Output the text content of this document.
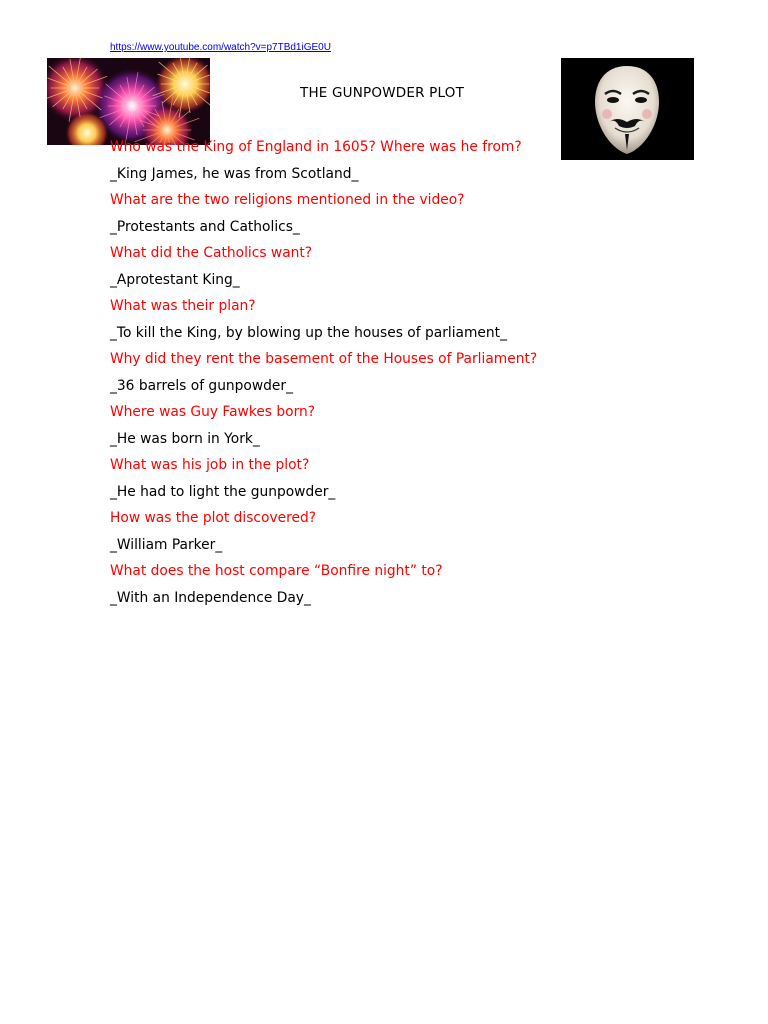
https://www.youtube.com/watch?v=p7TBd1iGE0U
THE GUNPOWDER PLOT
Who was the King of England in 1605? Where was he from?
_King James, he was from Scotland_
What are the two religions mentioned in the video?
_Protestants and Catholics_
What did the Catholics want?
_Aprotestant King_
What was their plan?
_To kill the King, by blowing up the houses of parliament_
Why did they rent the basement of the Houses of Parliament?
_36 barrels of gunpowder_
Where was Guy Fawkes born?
_He was born in York_
What was his job in the plot?
_He had to light the gunpowder_
How was the plot discovered?
_William Parker_
What does the host compare “Bonfire night” to?
_With an Independence Day_
